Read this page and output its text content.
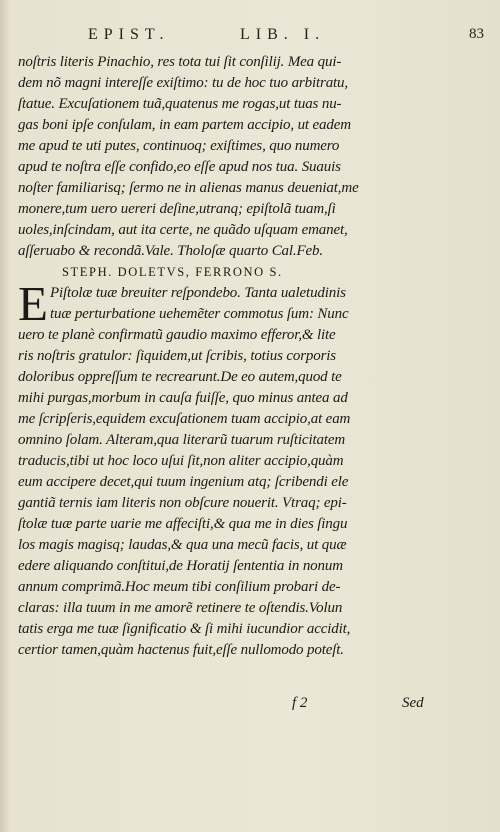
EPIST.	LIB. I.	83
noſtris literis Pinachio, res tota tui ſit conſilij. Mea qui-
dem nõ magni intereſſe exiſtimo: tu de hoc tuo arbitratu,
ſtatue. Excuſationem tuã,quatenus me rogas,ut tuas nu-
gas boni ipſe conſulam, in eam partem accipio, ut eadem
me apud te uti putes, continuoq; exiſtimes, quo numero
apud te noſtra eſſe confido,eo eſſe apud nos tua. Suauis
noſter familiarisq; ſermo ne in alienas manus deueniat,me
monere,tum uero uereri deſine,utranq; epiſtolã tuam,ſi
uoles,inſcindam, aut ita certe, ne quãdo uſquam emanet,
aſſeruabo & recondã.Vale. Tholoſæ quarto Cal.Feb.
STEPH. DOLETVS, FERRONO S.
E Piſtolæ tuæ breuiter reſpondebo. Tanta ualetudinis
tuæ perturbatione uehemẽter commotus ſum: Nunc
uero te planè confirmatũ gaudio maximo efferor,& lite
ris noſtris gratulor: ſiquidem,ut ſcribis, totius corporis
doloribus oppreſſum te recrearunt.De eo autem,quod te
mihi purgas,morbum in cauſa fuiſſe, quo minus antea ad
me ſcripſeris,equidem excuſationem tuam accipio,at eam
omnino ſolam. Alteram,qua literarũ tuarum ruſticitatem
traducis,tibi ut hoc loco uſui ſit,non aliter accipio,quàm
eum accipere decet,qui tuum ingenium atq; ſcribendi ele
gantiã ternis iam literis non obſcure nouerit. Vtraq; epi-
ſtolæ tuæ parte uarie me affeciſti,& qua me in dies ſingu
los magis magisq; laudas,& qua una mecũ facis, ut quæ
edere aliquando conſtitui,de Horatij ſententia in nonum
annum comprimã.Hoc meum tibi conſilium probari de-
claras: illa tuum in me amorẽ retinere te oſtendis.Volun
tatis erga me tuæ ſignificatio & ſi mihi iucundior accidit,
certior tamen,quàm hactenus fuit,eſſe nullomodo poteſt.
f 2	Sed
